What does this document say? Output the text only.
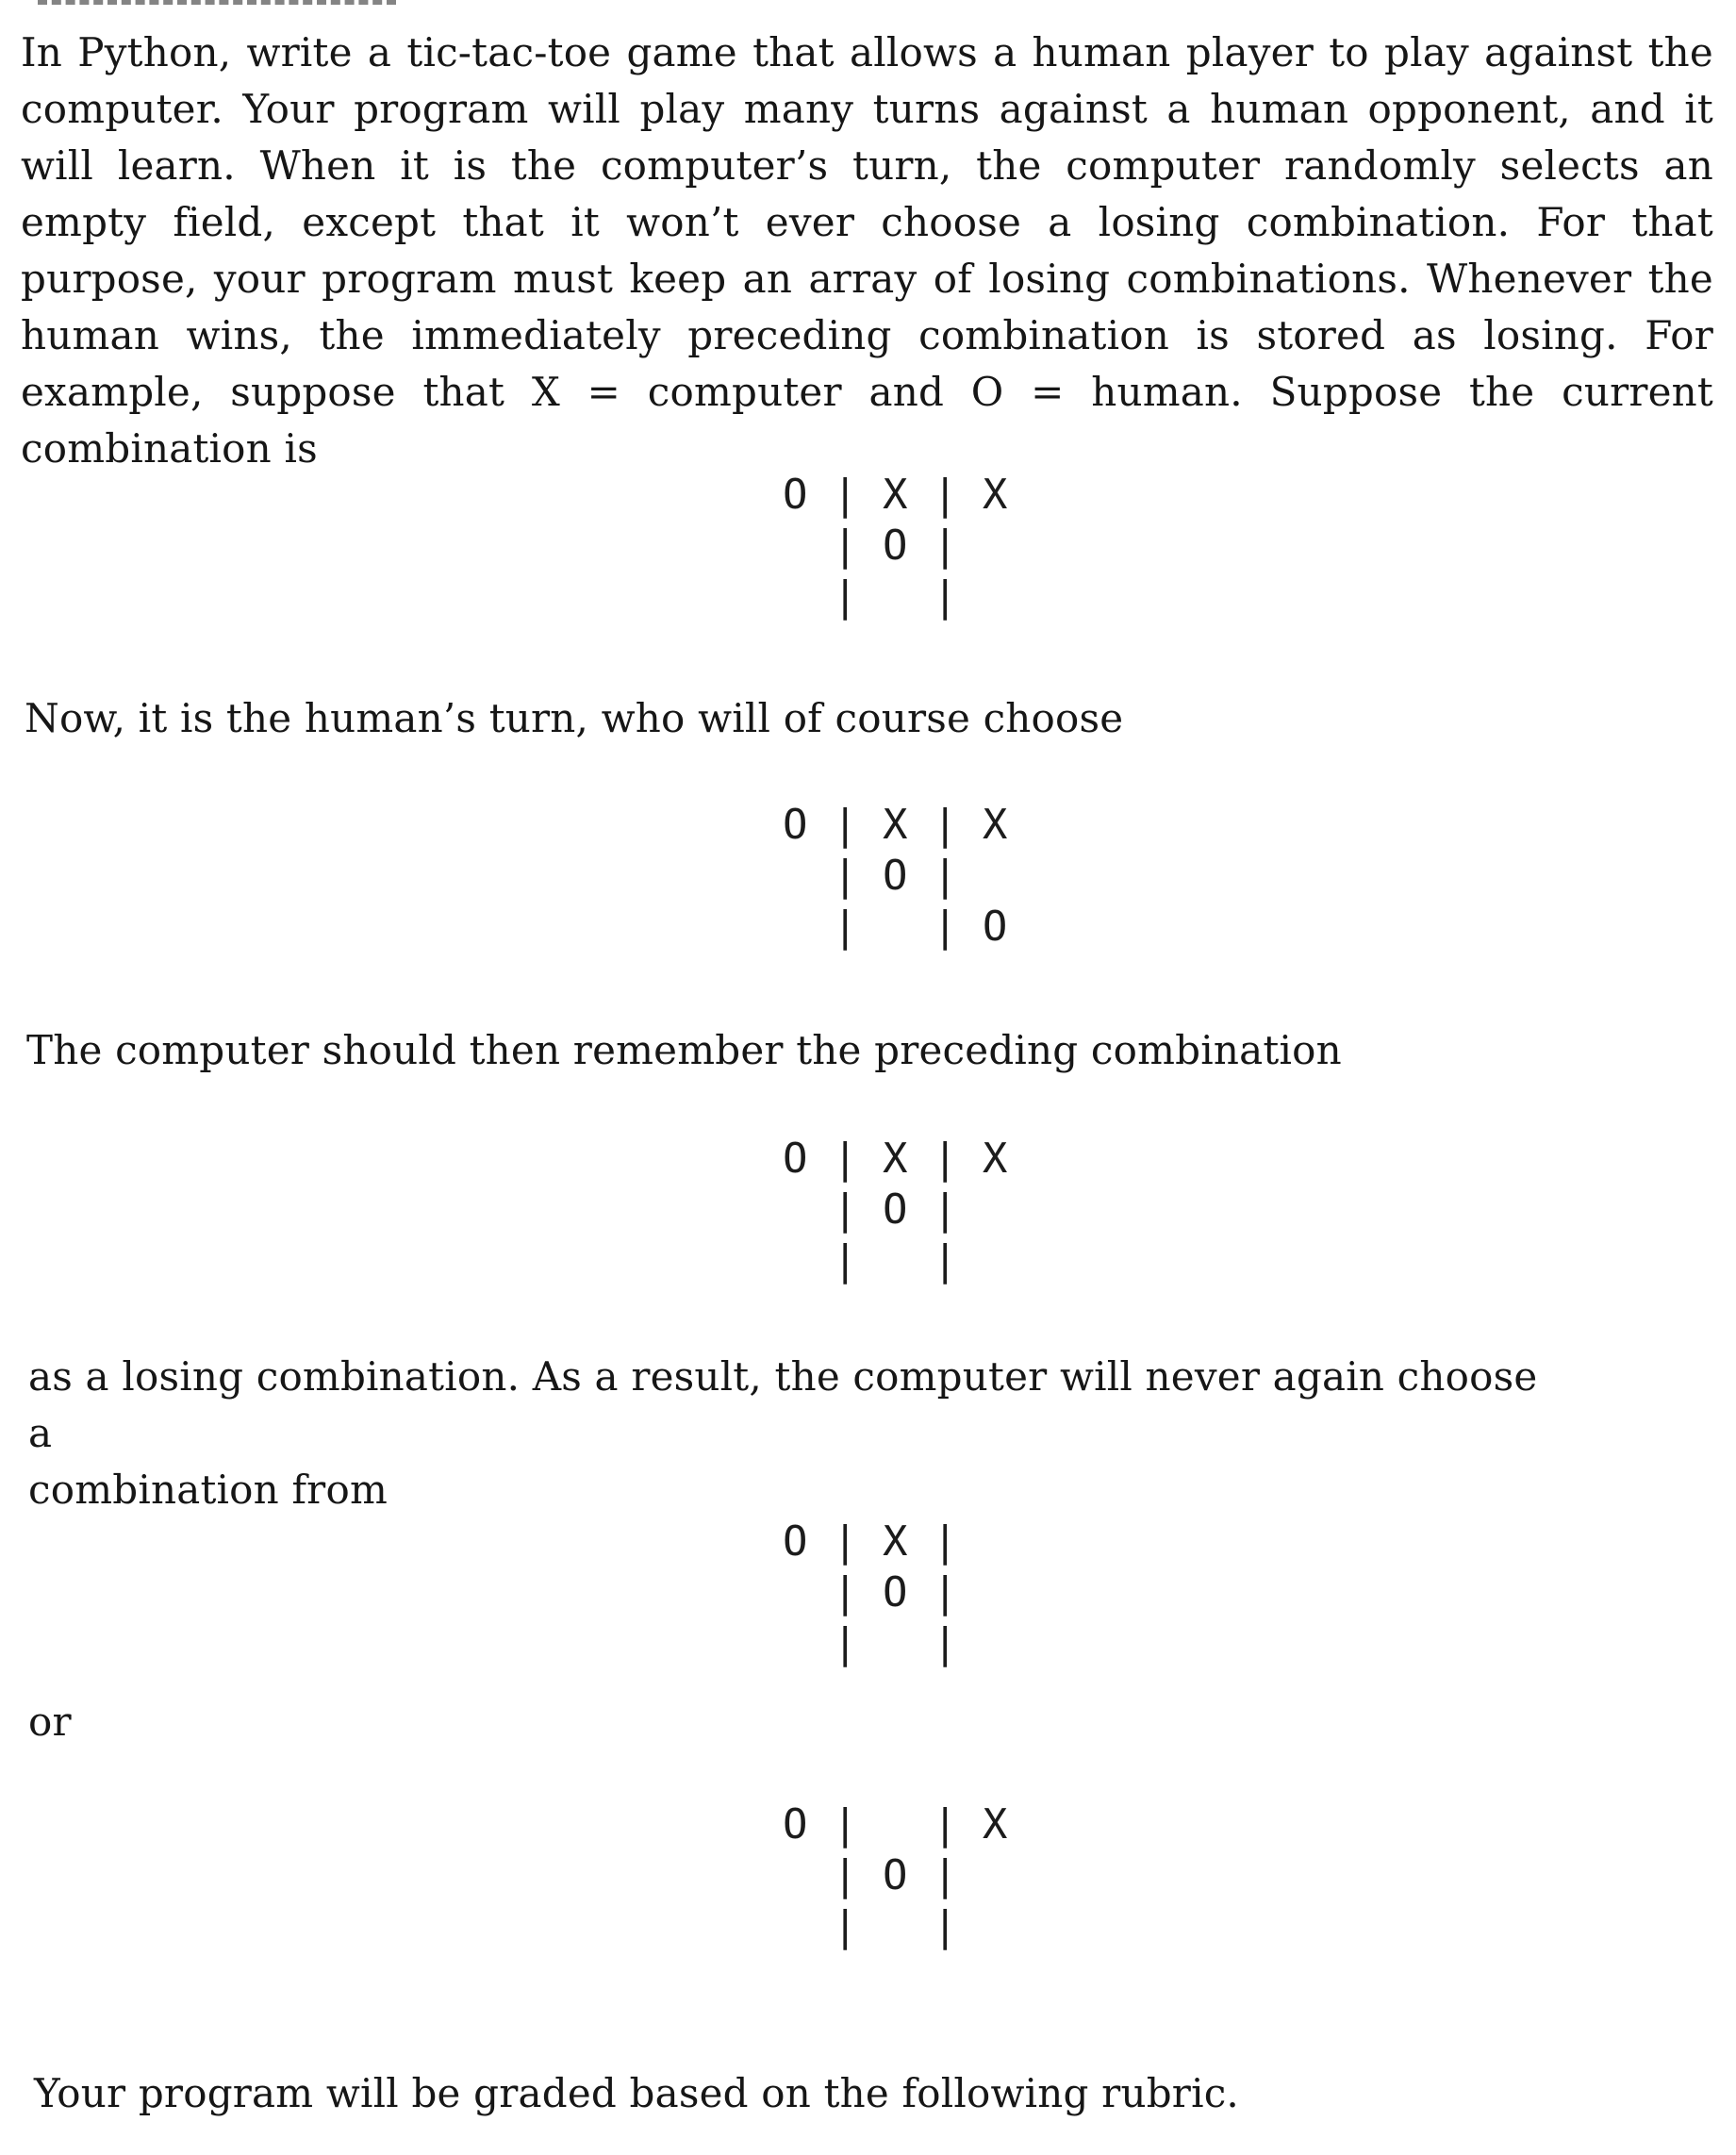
In Python, write a tic-tac-toe game that allows a human player to play against the computer. Your program will play many turns against a human opponent, and it will learn. When it is the computer’s turn, the computer randomly selects an empty field, except that it won’t ever choose a losing combination. For that purpose, your program must keep an array of losing combinations. Whenever the human wins, the immediately preceding combination is stored as losing. For example, suppose that X = computer and O = human. Suppose the current combination is

O | X | X
| O |
|   |

Now, it is the human’s turn, who will of course choose

O | X | X
| O |
|   | O

The computer should then remember the preceding combination

O | X | X
| O |
|   |

as a losing combination. As a result, the computer will never again choose a
combination from

O | X |
| O |
|   |

or

O |   | X
| O |
|   |

Your program will be graded based on the following rubric.
